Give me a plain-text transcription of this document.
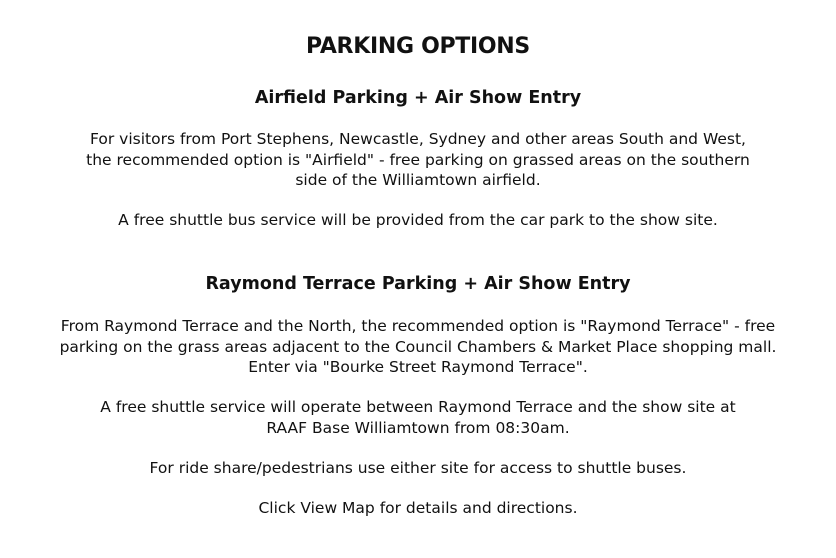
PARKING OPTIONS
Airfield Parking + Air Show Entry

For visitors from Port Stephens, Newcastle, Sydney and other areas South and West,
the recommended option is "Airfield" - free parking on grassed areas on the southern
side of the Williamtown airfield.

A free shuttle bus service will be provided from the car park to the show site.

Raymond Terrace Parking + Air Show Entry

From Raymond Terrace and the North, the recommended option is "Raymond Terrace" - free
parking on the grass areas adjacent to the Council Chambers & Market Place shopping mall.
Enter via "Bourke Street Raymond Terrace".

A free shuttle service will operate between Raymond Terrace and the show site at
RAAF Base Williamtown from 08:30am.

For ride share/pedestrians use either site for access to shuttle buses.

Click View Map for details and directions.
